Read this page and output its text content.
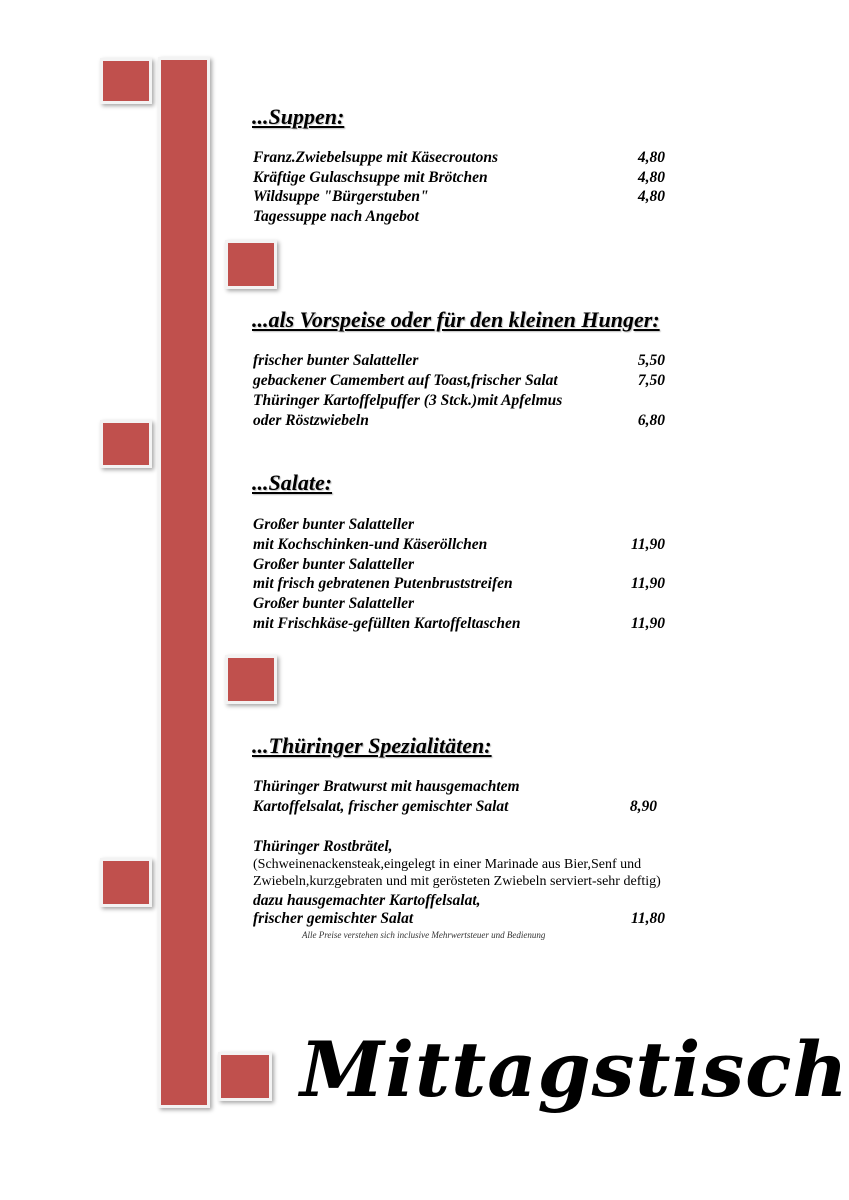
...Suppen:
Franz.Zwiebelsuppe mit Käsecroutons	4,80
Kräftige Gulaschsuppe mit Brötchen	4,80
Wildsuppe "Bürgerstuben"	4,80
Tagessuppe nach Angebot
...als Vorspeise oder für den kleinen Hunger:
frischer bunter Salatteller	5,50
gebackener Camembert auf Toast,frischer Salat	7,50
Thüringer Kartoffelpuffer (3 Stck.)mit Apfelmus
oder Röstzwiebeln	6,80
...Salate:
Großer bunter Salatteller
mit Kochschinken-und Käseröllchen	11,90
Großer bunter Salatteller
mit frisch gebratenen Putenbruststreifen	11,90
Großer bunter Salatteller
mit Frischkäse-gefüllten Kartoffeltaschen	11,90
...Thüringer Spezialitäten:
Thüringer Bratwurst mit hausgemachtem
Kartoffelsalat, frischer gemischter Salat	8,90
Thüringer Rostbrätel,
(Schweinenackensteak,eingelegt in einer Marinade aus Bier,Senf und
Zwiebeln,kurzgebraten und mit gerösteten Zwiebeln serviert-sehr deftig)
dazu hausgemachter Kartoffelsalat,
frischer gemischter Salat	11,80
Alle Preise verstehen sich inclusive Mehrwertsteuer und Bedienung
Mittagstisch
